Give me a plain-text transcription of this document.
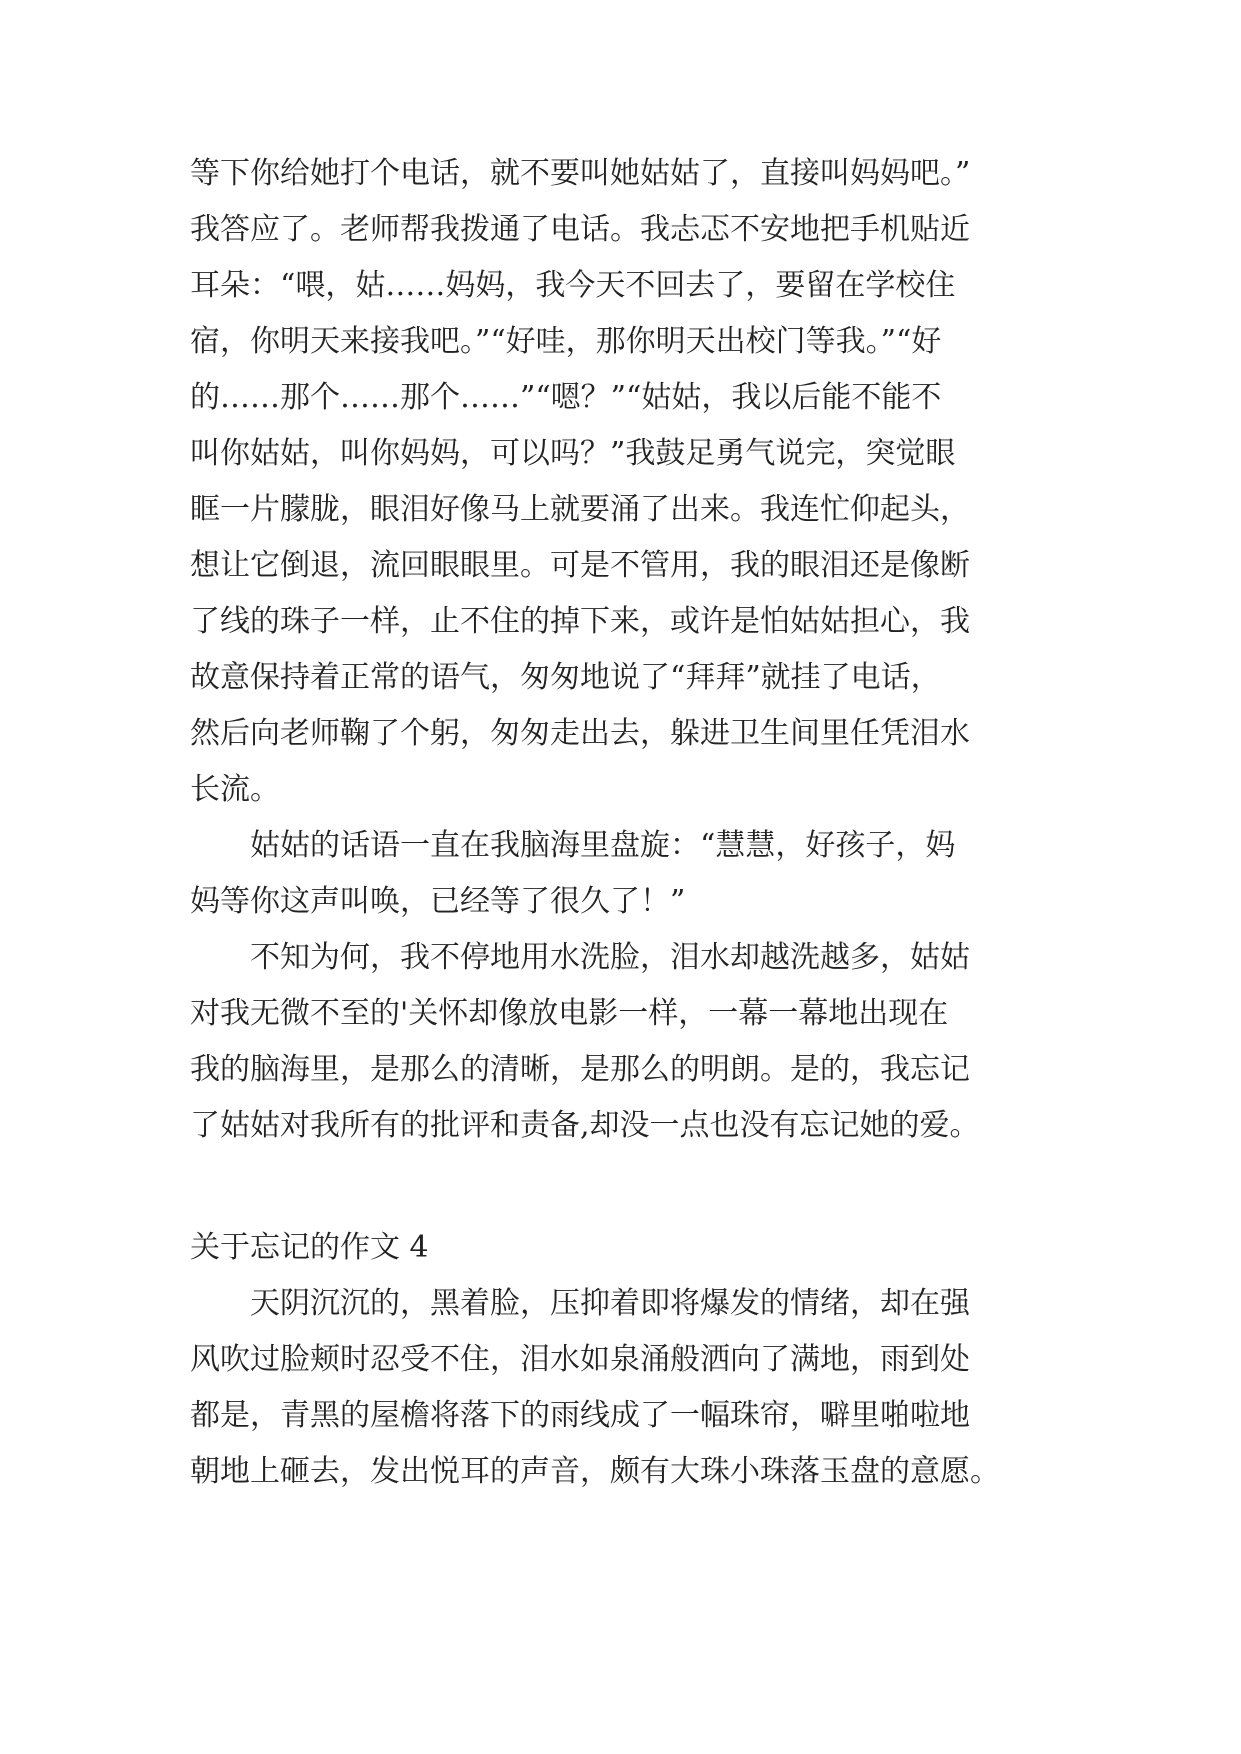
等下你给她打个电话，就不要叫她姑姑了，直接叫妈妈吧。”

我答应了。老师帮我拨通了电话。我忐忑不安地把手机贴近

耳朵：“喂，姑……妈妈，我今天不回去了，要留在学校住

宿，你明天来接我吧。”“好哇，那你明天出校门等我。”“好

的……那个……那个……”“嗯？”“姑姑，我以后能不能不

叫你姑姑，叫你妈妈，可以吗？”我鼓足勇气说完，突觉眼

眶一片朦胧，眼泪好像马上就要涌了出来。我连忙仰起头，

想让它倒退，流回眼眼里。可是不管用，我的眼泪还是像断

了线的珠子一样，止不住的掉下来，或许是怕姑姑担心，我

故意保持着正常的语气，匆匆地说了“拜拜”就挂了电话，

然后向老师鞠了个躬，匆匆走出去，躲进卫生间里任凭泪水

长流。

　　姑姑的话语一直在我脑海里盘旋：“慧慧，好孩子，妈

妈等你这声叫唤，已经等了很久了！”

　　不知为何，我不停地用水洗脸，泪水却越洗越多，姑姑

对我无微不至的'关怀却像放电影一样，一幕一幕地出现在

我的脑海里，是那么的清晰，是那么的明朗。是的，我忘记

了姑姑对我所有的批评和责备,却没一点也没有忘记她的爱。

关于忘记的作文 4

　　天阴沉沉的，黑着脸，压抑着即将爆发的情绪，却在强

风吹过脸颊时忍受不住，泪水如泉涌般洒向了满地，雨到处

都是，青黑的屋檐将落下的雨线成了一幅珠帘，噼里啪啦地

朝地上砸去，发出悦耳的声音，颇有大珠小珠落玉盘的意愿。
